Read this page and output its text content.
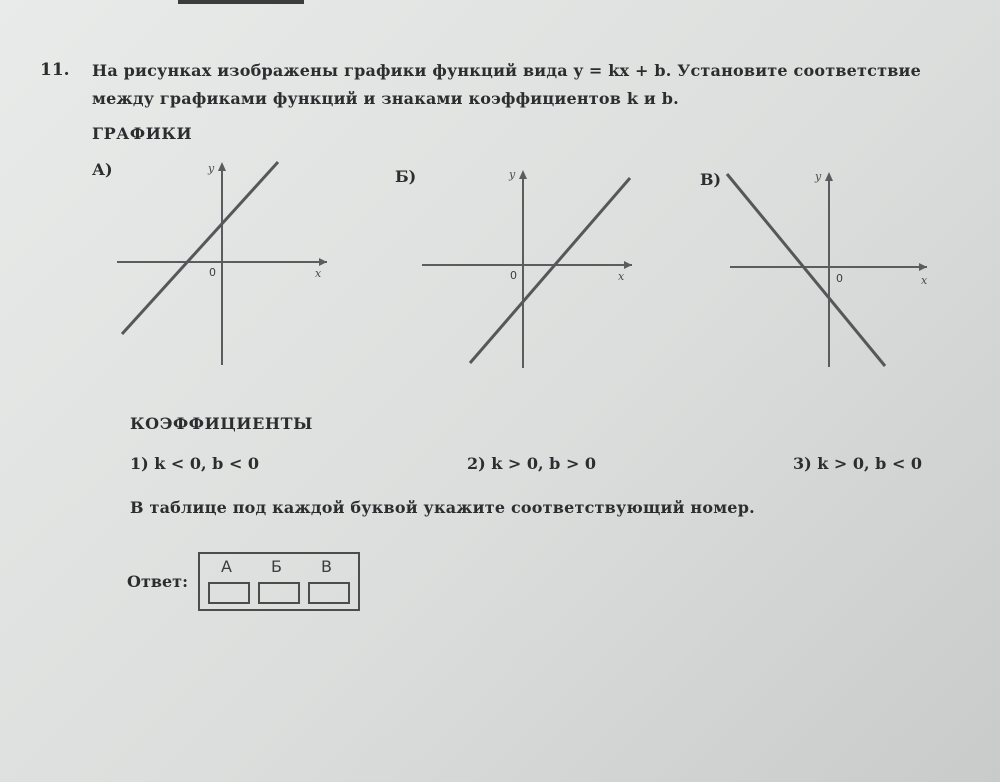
11. На рисунках изображены графики функций вида y = kx + b. Установите соответствие
между графиками функций и знаками коэффициентов k и b.
ГРАФИКИ
А)	Б)	В)
y
x
0
y
x
0
y
x
0
КОЭФФИЦИЕНТЫ
1) k < 0, b < 0	2) k > 0, b > 0	3) k > 0, b < 0
В таблице под каждой буквой укажите соответствующий номер.
Ответ:
А Б В
